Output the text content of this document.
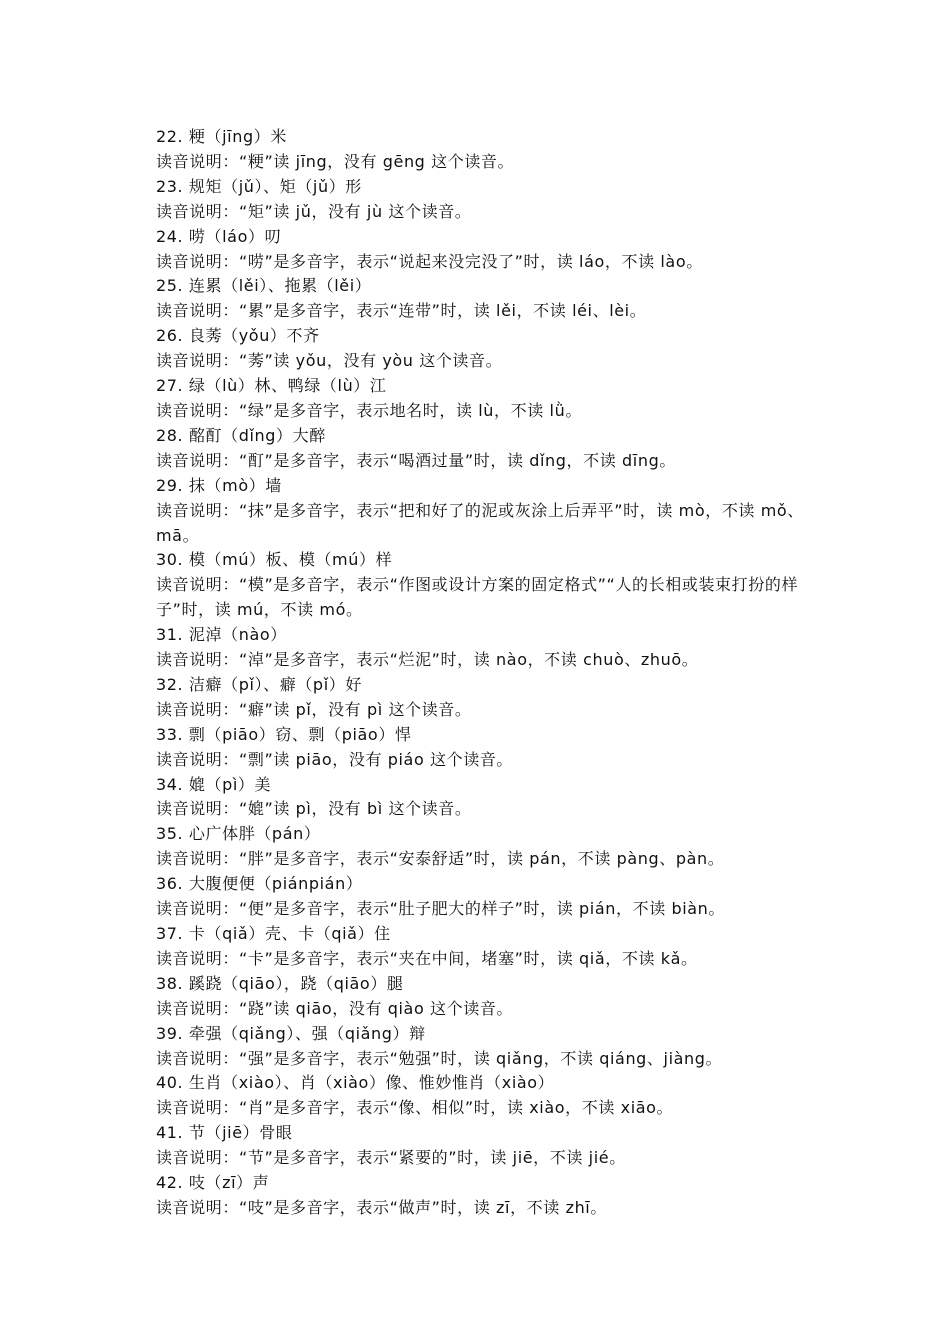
22. 粳（jīng）米

读音说明：“粳”读 jīng，没有 gēng 这个读音。

23. 规矩（jǔ）、矩（jǔ）形

读音说明：“矩”读 jǔ，没有 jù 这个读音。

24. 唠（láo）叨

读音说明：“唠”是多音字，表示“说起来没完没了”时，读 láo，不读 lào。

25. 连累（lěi）、拖累（lěi）

读音说明：“累”是多音字，表示“连带”时，读 lěi，不读 léi、lèi。

26. 良莠（yǒu）不齐

读音说明：“莠”读 yǒu，没有 yòu 这个读音。

27. 绿（lù）林、鸭绿（lù）江

读音说明：“绿”是多音字，表示地名时，读 lù，不读 lǜ。

28. 酩酊（dǐng）大醉

读音说明：“酊”是多音字，表示“喝酒过量”时，读 dǐng，不读 dīng。

29. 抹（mò）墙

读音说明：“抹”是多音字，表示“把和好了的泥或灰涂上后弄平”时，读 mò，不读 mǒ、mā。

30. 模（mú）板、模（mú）样

读音说明：“模”是多音字，表示“作图或设计方案的固定格式”“人的长相或装束打扮的样子”时，读 mú，不读 mó。

31. 泥淖（nào）

读音说明：“淖”是多音字，表示“烂泥”时，读 nào，不读 chuò、zhuō。

32. 洁癖（pǐ）、癖（pǐ）好

读音说明：“癖”读 pǐ，没有 pì 这个读音。

33. 剽（piāo）窃、剽（piāo）悍

读音说明：“剽”读 piāo，没有 piáo 这个读音。

34. 媲（pì）美

读音说明：“媲”读 pì，没有 bì 这个读音。

35. 心广体胖（pán）

读音说明：“胖”是多音字，表示“安泰舒适”时，读 pán，不读 pàng、pàn。

36. 大腹便便（piánpián）

读音说明：“便”是多音字，表示“肚子肥大的样子”时，读 pián，不读 biàn。

37. 卡（qiǎ）壳、卡（qiǎ）住

读音说明：“卡”是多音字，表示“夹在中间，堵塞”时，读 qiǎ，不读 kǎ。

38. 蹊跷（qiāo），跷（qiāo）腿

读音说明：“跷”读 qiāo，没有 qiào 这个读音。

39. 牵强（qiǎng）、强（qiǎng）辩

读音说明：“强”是多音字，表示“勉强”时，读 qiǎng，不读 qiáng、jiàng。

40. 生肖（xiào）、肖（xiào）像、惟妙惟肖（xiào）

读音说明：“肖”是多音字，表示“像、相似”时，读 xiào，不读 xiāo。

41. 节（jiē）骨眼

读音说明：“节”是多音字，表示“紧要的”时，读 jiē，不读 jié。

42. 吱（zī）声

读音说明：“吱”是多音字，表示“做声”时，读 zī，不读 zhī。
